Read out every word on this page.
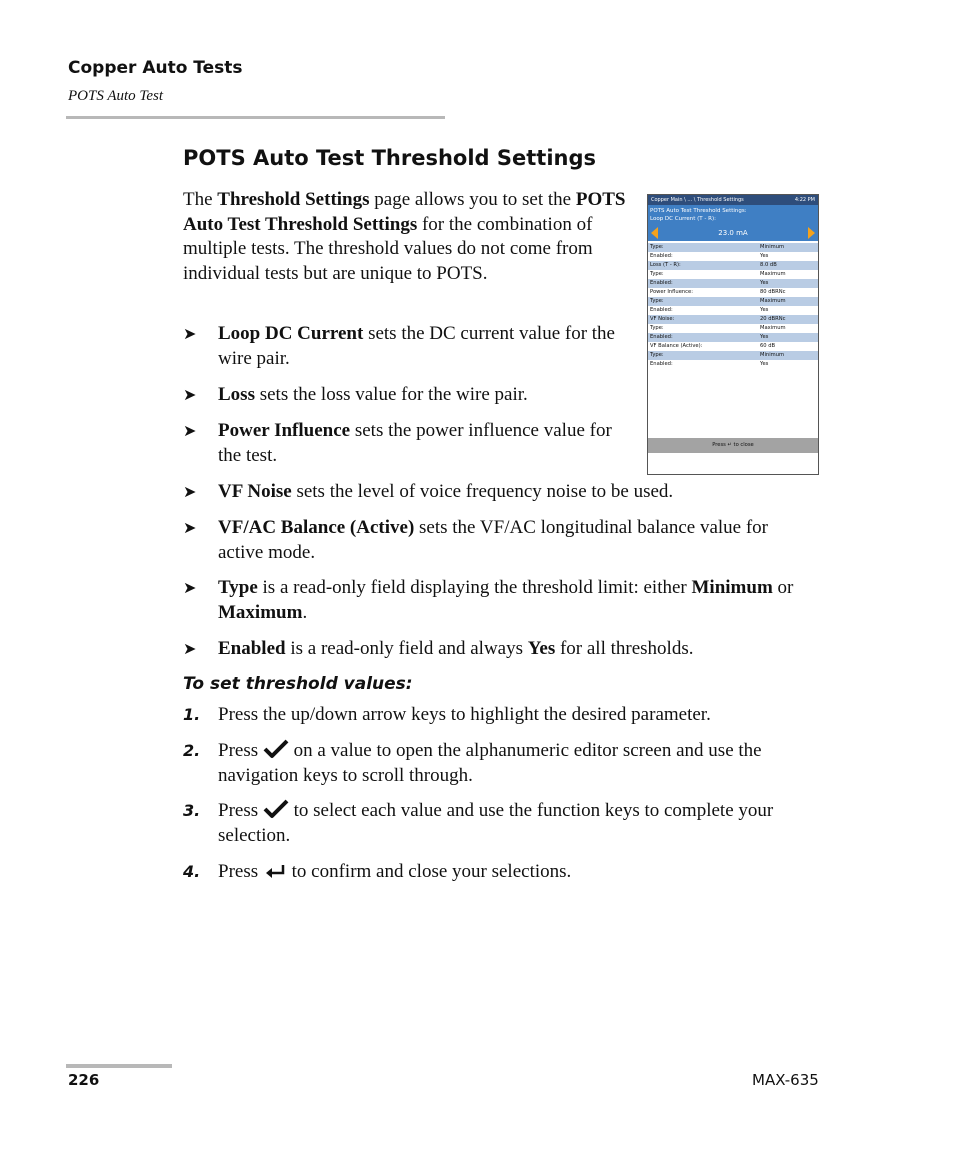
Copper Auto Tests
POTS Auto Test
POTS Auto Test Threshold Settings
The Threshold Settings page allows you to set the POTS Auto Test Threshold Settings for the combination of multiple tests. The threshold values do not come from individual tests but are unique to POTS.
➤ Loop DC Current sets the DC current value for the wire pair.
➤ Loss sets the loss value for the wire pair.
➤ Power Influence sets the power influence value for the test.
➤ VF Noise sets the level of voice frequency noise to be used.
➤ VF/AC Balance (Active) sets the VF/AC longitudinal balance value for active mode.
➤ Type is a read-only field displaying the threshold limit: either Minimum or Maximum.
➤ Enabled is a read-only field and always Yes for all thresholds.
To set threshold values:
1. Press the up/down arrow keys to highlight the desired parameter.
2. Press  on a value to open the alphanumeric editor screen and use the navigation keys to scroll through.
3. Press  to select each value and use the function keys to complete your selection.
4. Press  to confirm and close your selections.
Copper Main \ ... \ Threshold Settings	4:22 PM
POTS Auto Test Threshold Settings:
Loop DC Current (T - R):
23.0 mA
Type:	Minimum
Enabled:	Yes
Loss (T - R):	8.0 dB
Type:	Maximum
Enabled:	Yes
Power Influence:	80 dBRNc
Type:	Maximum
Enabled:	Yes
VF Noise:	20 dBRNc
Type:	Maximum
Enabled:	Yes
VF Balance (Active):	60 dB
Type:	Minimum
Enabled:	Yes
Press ↵ to close
226	MAX-635
